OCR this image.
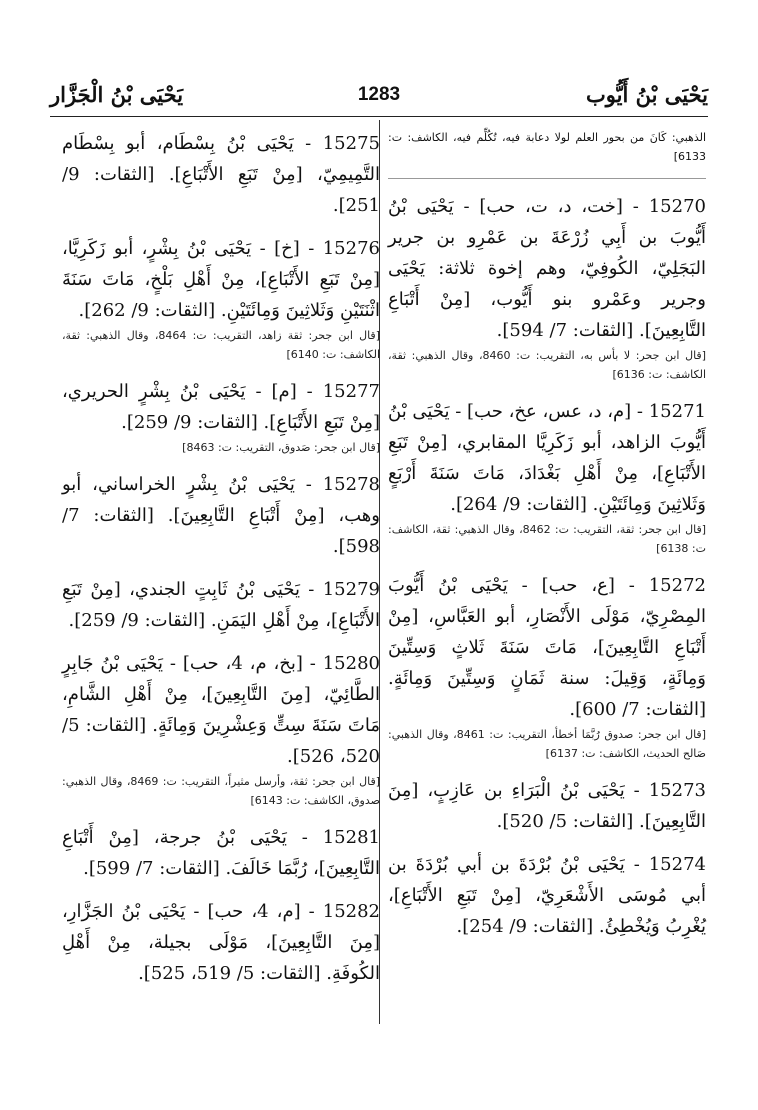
1283	يَحْيَى بْنُ أَيُّوب
يَحْيَى بْنُ الْجَزَّار
الذهبي: كَانَ من بحور العلم لولا دعابة فيه، تُكُلِّم فيه، الكاشف: ت: 6133]
15270 - [خت، د، ت، حب] - يَحْيَى بْنُ أَيُّوبَ بن أَبِي زُرْعَةَ بن عَمْرِو بن جرير البَجَلِيّ، الكُوفِيّ، وهم إخوة ثلاثة: يَحْيَى وجرير وعَمْرو بنو أَيُّوب، [مِنْ أَتْبَاعِ التَّابِعِينَ]. [الثقات: 7/ 594].
[قال ابن جحر: لا بأس به، التقريب: ت: 8460، وقال الذهبي: ثقة، الكاشف: ت: 6136]
15271 - [م، د، عس، عخ، حب] - يَحْيَى بْنُ أَيُّوبَ الزاهد، أبو زَكَرِيَّا المقابري، [مِنْ تَبَعِ الأَتْبَاعِ]، مِنْ أَهْلِ بَغْدَادَ، مَاتَ سَنَةَ أَرْبَعٍ وَثَلاثِينَ وَمِائَتَيْنِ. [الثقات: 9/ 264].
[قال ابن جحر: ثقة، التقريب: ت: 8462، وقال الذهبي: ثقة، الكاشف: ت: 6138]
15272 - [ع، حب] - يَحْيَى بْنُ أَيُّوبَ المِصْرِيّ، مَوْلَى الأَنْصَارِ، أبو العَبَّاسِ، [مِنْ أَتْبَاعِ التَّابِعِينَ]، مَاتَ سَنَةَ ثَلاثٍ وَسِتِّينَ وَمِائَةٍ، وَقِيلَ: سنة ثَمَانٍ وَسِتِّينَ وَمِائَةٍ. [الثقات: 7/ 600].
[قال ابن جحر: صدوق رُبَّمَا أخطأ، التقريب: ت: 8461، وقال الذهبي: صَالح الحديث، الكاشف: ت: 6137]
15273 - يَحْيَى بْنُ الْبَرَاءِ بن عَازِبٍ، [مِنَ التَّابِعِينَ]. [الثقات: 5/ 520].
15274 - يَحْيَى بْنُ بُرْدَةَ بن أبي بُرْدَةَ بن أبي مُوسَى الأَشْعَرِيّ، [مِنْ تَبَعِ الأَتْبَاعِ]، يُغْرِبُ وَيُخْطِئُ. [الثقات: 9/ 254].
15275 - يَحْيَى بْنُ بِسْطَام، أبو بِسْطَام التَّمِيمِيّ، [مِنْ تَبَعِ الأَتْبَاعِ]. [الثقات: 9/ 251].
15276 - [خ] - يَحْيَى بْنُ بِشْرٍ، أبو زَكَرِيَّا، [مِنْ تَبَعِ الأَتْبَاعِ]، مِنْ أَهْلِ بَلْخٍ، مَاتَ سَنَةَ اثْنَتَيْنِ وَثَلاثِينَ وَمِائَتَيْنِ. [الثقات: 9/ 262].
[قال ابن جحر: ثقة زاهد، التقريب: ت: 8464، وقال الذهبي: ثقة، الكاشف: ت: 6140]
15277 - [م] - يَحْيَى بْنُ بِشْرٍ الحريري، [مِنْ تَبَعِ الأَتْبَاعِ]. [الثقات: 9/ 259].
[قال ابن جحر: صَدوق، التقريب: ت: 8463]
15278 - يَحْيَى بْنُ بِشْرٍ الخراساني، أبو وهب، [مِنْ أَتْبَاعِ التَّابِعِينَ]. [الثقات: 7/ 598].
15279 - يَحْيَى بْنُ ثَابِتٍ الجندي، [مِنْ تَبَعِ الأَتْبَاعِ]، مِنْ أَهْلِ اليَمَنِ. [الثقات: 9/ 259].
15280 - [بخ، م، 4، حب] - يَحْيَى بْنُ جَابِرٍ الطَّائِيّ، [مِنَ التَّابِعِينَ]، مِنْ أَهْلِ الشَّامِ، مَاتَ سَنَةَ سِتٍّ وَعِشْرِينَ وَمِائَةٍ. [الثقات: 5/ 520، 526].
[قال ابن جحر: ثقة، وأرسل مثيراً، التقريب: ت: 8469، وقال الذهبي: صدوق، الكاشف: ت: 6143]
15281 - يَحْيَى بْنُ جرجة، [مِنْ أَتْبَاعِ التَّابِعِينَ]، رُبَّمَا خَالَفَ. [الثقات: 7/ 599].
15282 - [م، 4، حب] - يَحْيَى بْنُ الجَزَّارِ، [مِنَ التَّابِعِينَ]، مَوْلَى بجيلة، مِنْ أَهْلِ الكُوفَةِ. [الثقات: 5/ 519، 525].
